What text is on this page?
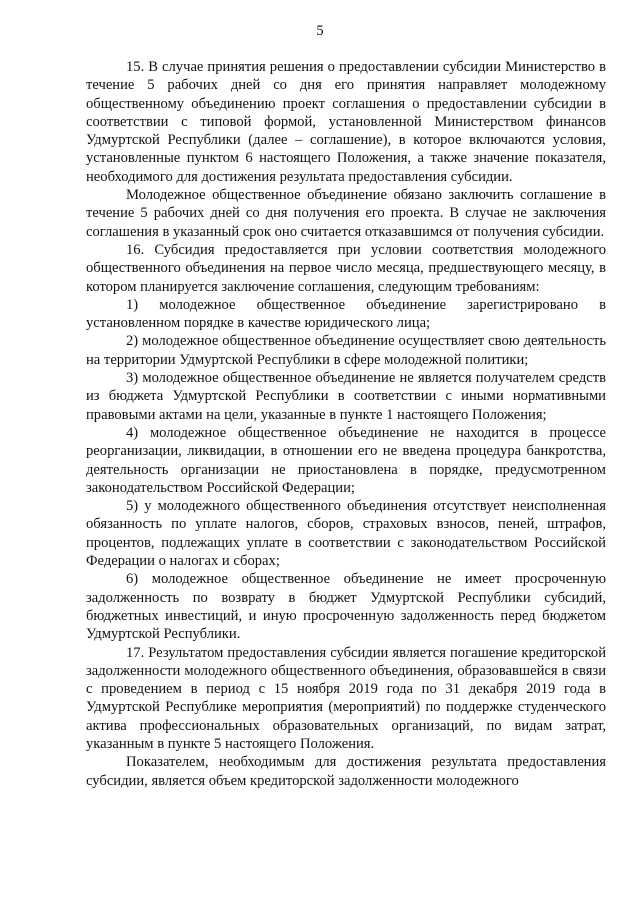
5

15. В случае принятия решения о предоставлении субсидии Министерство в течение 5 рабочих дней со дня его принятия направляет молодежному общественному объединению проект соглашения о предоставлении субсидии в соответствии с типовой формой, установленной Министерством финансов Удмуртской Республики (далее – соглашение), в которое включаются условия, установленные пунктом 6 настоящего Положения, а также значение показателя, необходимого для достижения результата предоставления субсидии.

Молодежное общественное объединение обязано заключить соглашение в течение 5 рабочих дней со дня получения его проекта. В случае не заключения соглашения в указанный срок оно считается отказавшимся от получения субсидии.

16. Субсидия предоставляется при условии соответствия молодежного общественного объединения на первое число месяца, предшествующего месяцу, в котором планируется заключение соглашения, следующим требованиям:

1) молодежное общественное объединение зарегистрировано в установленном порядке в качестве юридического лица;

2) молодежное общественное объединение осуществляет свою деятельность на территории Удмуртской Республики в сфере молодежной политики;

3) молодежное общественное объединение не является получателем средств из бюджета Удмуртской Республики в соответствии с иными нормативными правовыми актами на цели, указанные в пункте 1 настоящего Положения;

4) молодежное общественное объединение не находится в процессе реорганизации, ликвидации, в отношении его не введена процедура банкротства, деятельность организации не приостановлена в порядке, предусмотренном законодательством Российской Федерации;

5) у молодежного общественного объединения отсутствует неисполненная обязанность по уплате налогов, сборов, страховых взносов, пеней, штрафов, процентов, подлежащих уплате в соответствии с законодательством Российской Федерации о налогах и сборах;

6) молодежное общественное объединение не имеет просроченную задолженность по возврату в бюджет Удмуртской Республики субсидий, бюджетных инвестиций, и иную просроченную задолженность перед бюджетом Удмуртской Республики.

17. Результатом предоставления субсидии является погашение кредиторской задолженности молодежного общественного объединения, образовавшейся в связи с проведением в период с 15 ноября 2019 года по 31 декабря 2019 года в Удмуртской Республике мероприятия (мероприятий) по поддержке студенческого актива профессиональных образовательных организаций, по видам затрат, указанным в пункте 5 настоящего Положения.

Показателем, необходимым для достижения результата предоставления субсидии, является объем кредиторской задолженности молодежного
